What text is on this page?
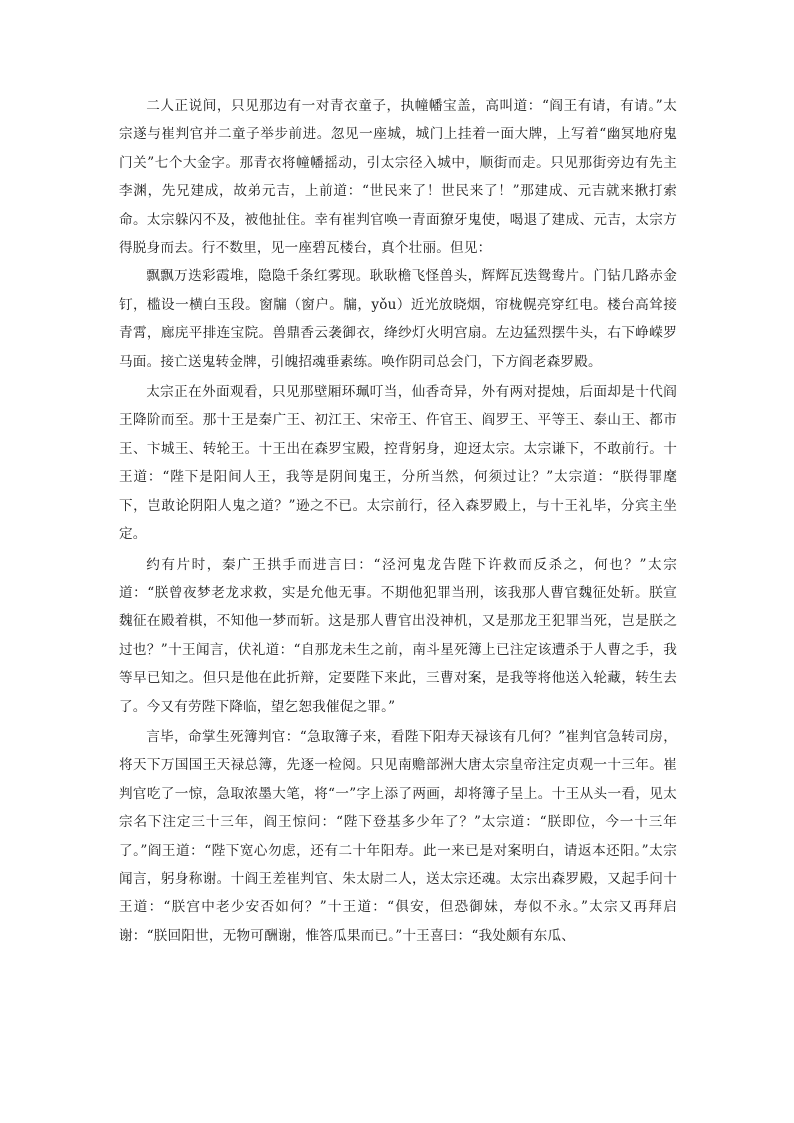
二人正说间，只见那边有一对青衣童子，执幢幡宝盖，高叫道：“阎王有请，有请。”太宗遂与崔判官并二童子举步前进。忽见一座城，城门上挂着一面大牌，上写着“幽冥地府鬼门关”七个大金字。那青衣将幢幡摇动，引太宗径入城中，顺街而走。只见那街旁边有先主李渊，先兄建成，故弟元吉，上前道：“世民来了！世民来了！”那建成、元吉就来揪打索命。太宗躲闪不及，被他扯住。幸有崔判官唤一青面獠牙鬼使，喝退了建成、元吉，太宗方得脱身而去。行不数里，见一座碧瓦楼台，真个壮丽。但见：

飘飘万迭彩霞堆，隐隐千条红雾现。耿耿檐飞怪兽头，辉辉瓦迭鸳鸯片。门钻几路赤金钉，槛设一横白玉段。窗牖（窗户。牖，yǒu）近光放晓烟，帘栊幌亮穿红电。楼台高耸接青霄，廊庑平排连宝院。兽鼎香云袭御衣，绛纱灯火明宫扇。左边猛烈摆牛头，右下峥嵘罗马面。接亡送鬼转金牌，引魄招魂垂素练。唤作阴司总会门，下方阎老森罗殿。

太宗正在外面观看，只见那壁厢环珮叮当，仙香奇异，外有两对提烛，后面却是十代阎王降阶而至。那十王是秦广王、初江王、宋帝王、仵官王、阎罗王、平等王、泰山王、都市王、卞城王、转轮王。十王出在森罗宝殿，控背躬身，迎迓太宗。太宗谦下，不敢前行。十王道：“陛下是阳间人王，我等是阴间鬼王，分所当然，何须过让？”太宗道：“朕得罪麾下，岂敢论阴阳人鬼之道？”逊之不已。太宗前行，径入森罗殿上，与十王礼毕，分宾主坐定。

约有片时，秦广王拱手而进言曰：“泾河鬼龙告陛下许救而反杀之，何也？”太宗道：“朕曾夜梦老龙求救，实是允他无事。不期他犯罪当刑，该我那人曹官魏征处斩。朕宣魏征在殿着棋，不知他一梦而斩。这是那人曹官出没神机，又是那龙王犯罪当死，岂是朕之过也？”十王闻言，伏礼道：“自那龙未生之前，南斗星死簿上已注定该遭杀于人曹之手，我等早已知之。但只是他在此折辩，定要陛下来此，三曹对案，是我等将他送入轮藏，转生去了。今又有劳陛下降临，望乞恕我催促之罪。”

言毕，命掌生死簿判官：“急取簿子来，看陛下阳寿天禄该有几何？”崔判官急转司房，将天下万国国王天禄总簿，先逐一检阅。只见南赡部洲大唐太宗皇帝注定贞观一十三年。崔判官吃了一惊，急取浓墨大笔，将“一”字上添了两画，却将簿子呈上。十王从头一看，见太宗名下注定三十三年，阎王惊问：“陛下登基多少年了？”太宗道：“朕即位，今一十三年了。”阎王道：“陛下宽心勿虑，还有二十年阳寿。此一来已是对案明白，请返本还阳。”太宗闻言，躬身称谢。十阎王差崔判官、朱太尉二人，送太宗还魂。太宗出森罗殿，又起手问十王道：“朕宫中老少安否如何？”十王道：“俱安，但恐御妹，寿似不永。”太宗又再拜启谢：“朕回阳世，无物可酬谢，惟答瓜果而已。”十王喜曰：“我处颇有东瓜、
